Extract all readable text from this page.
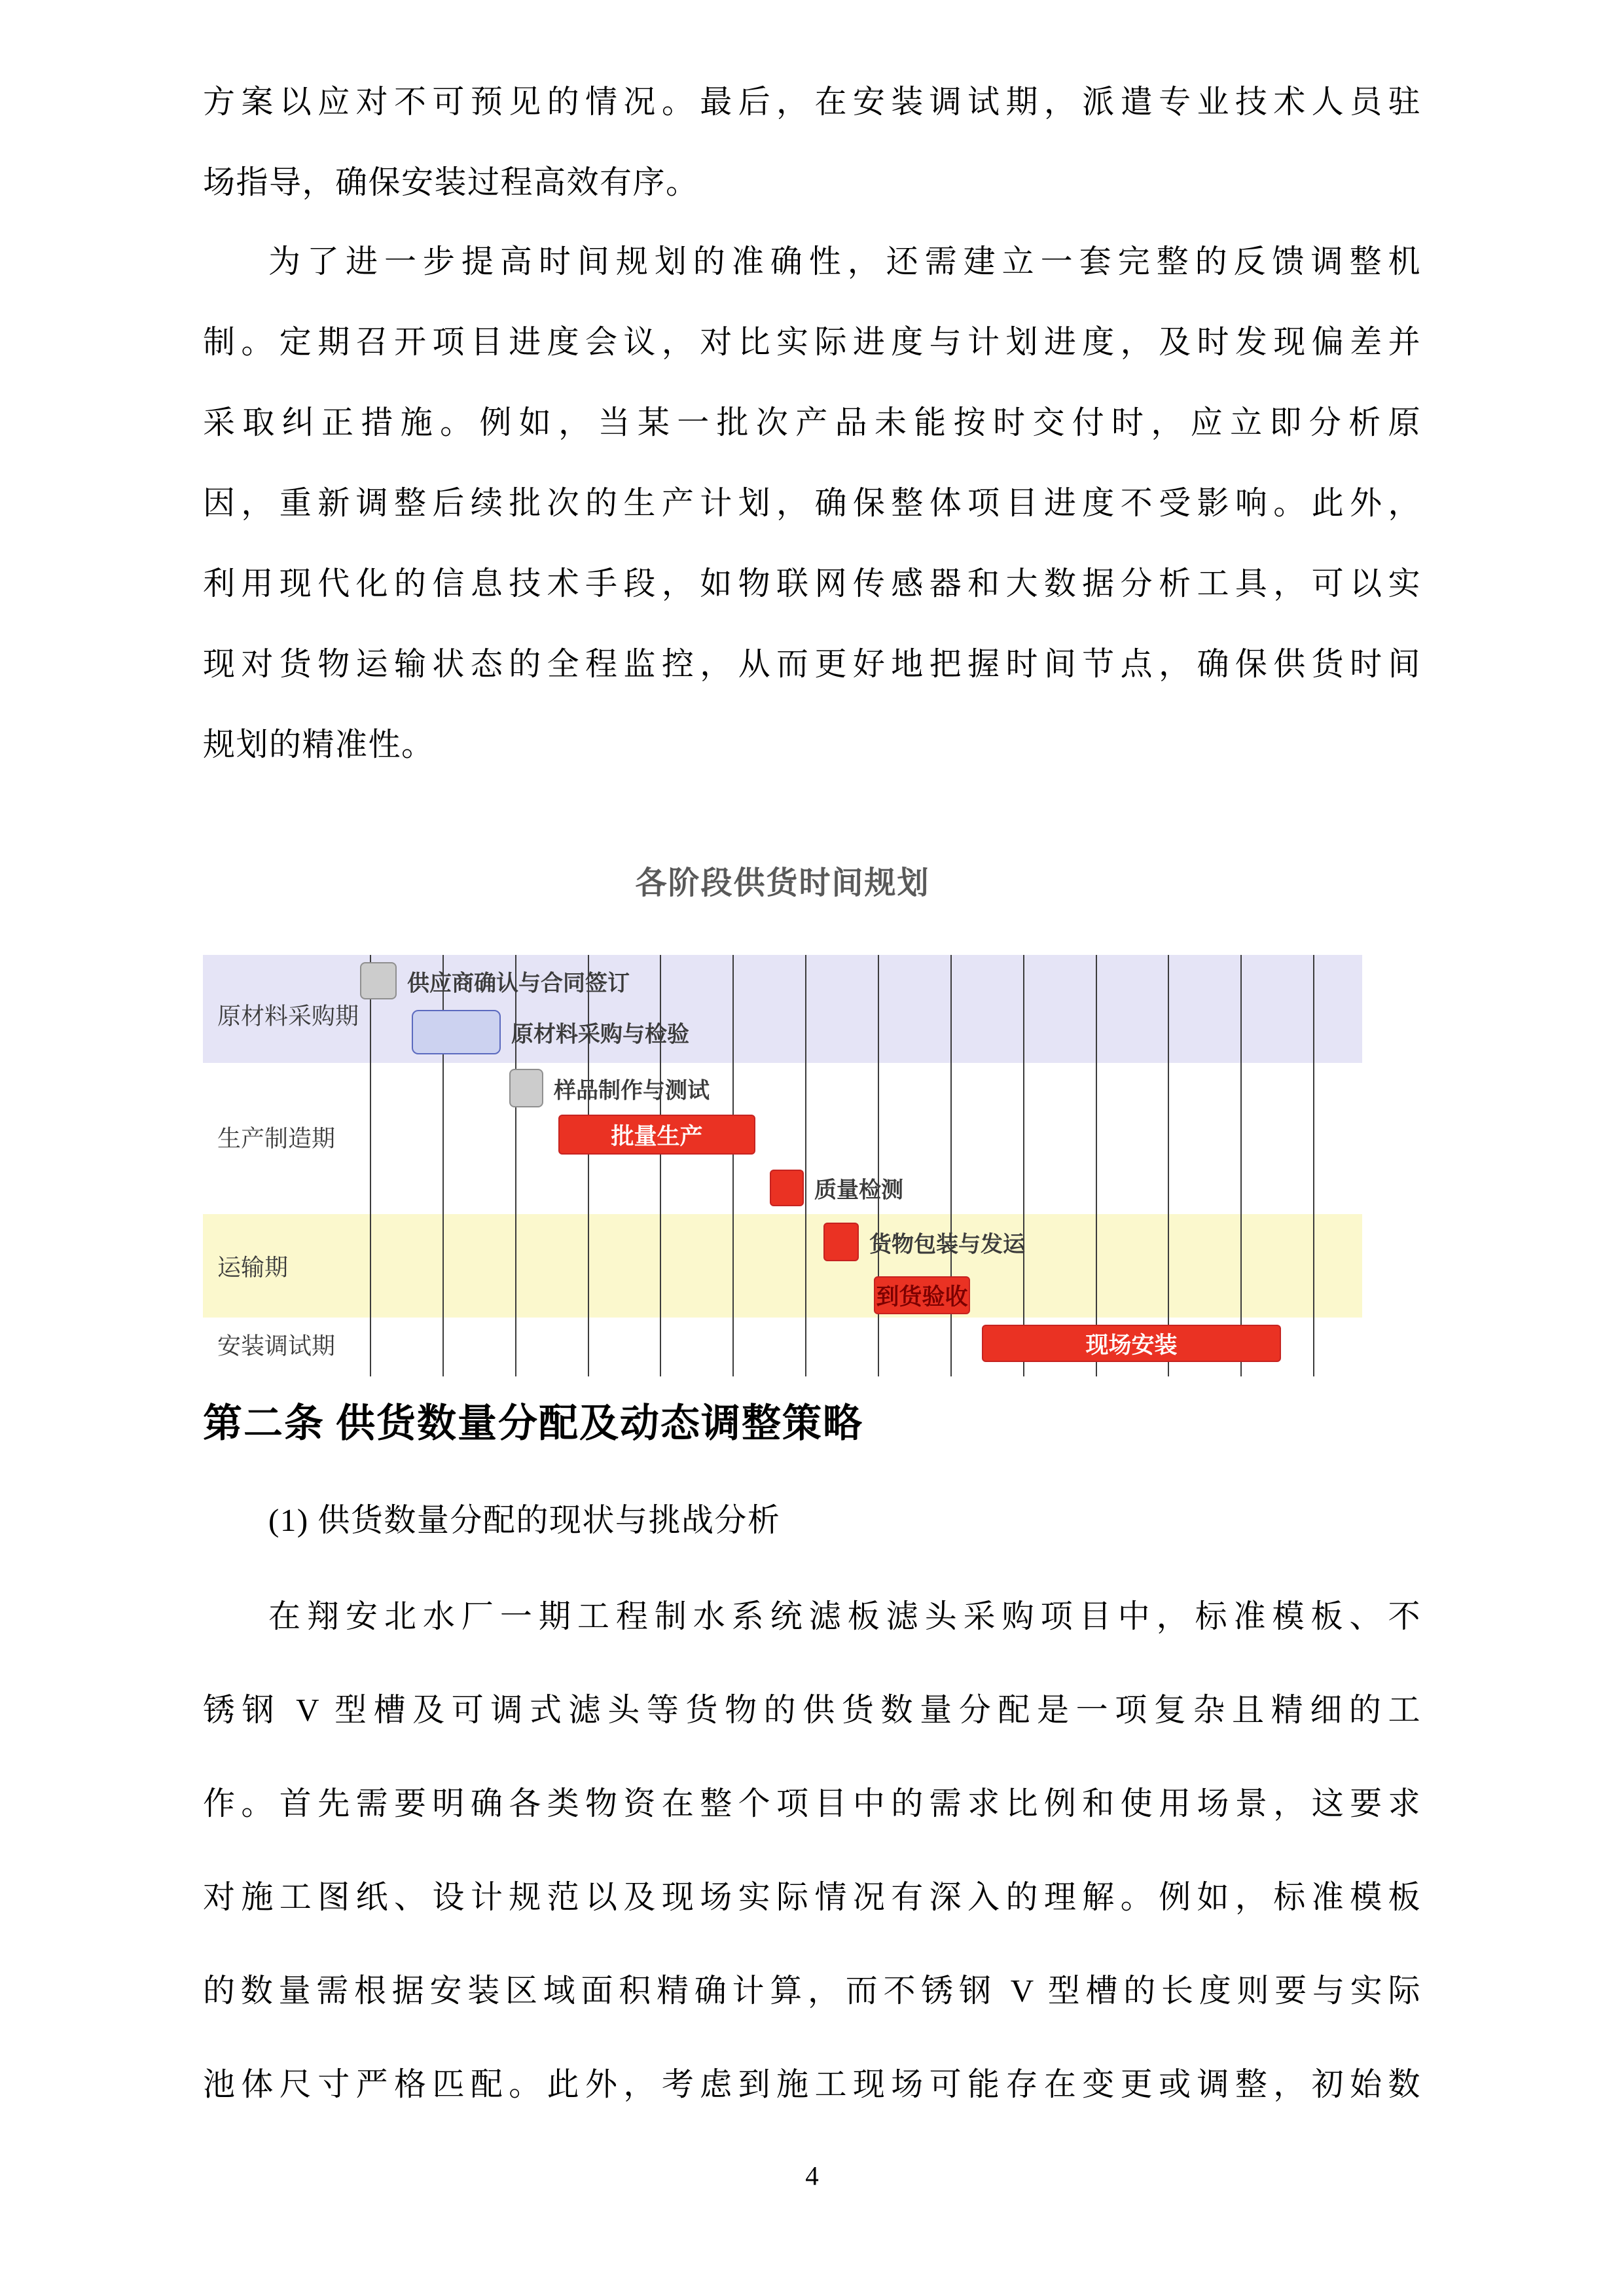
方案以应对不可预见的情况。最后，在安装调试期，派遣专业技术人员驻
场指导，确保安装过程高效有序。
为了进一步提高时间规划的准确性，还需建立一套完整的反馈调整机
制。定期召开项目进度会议，对比实际进度与计划进度，及时发现偏差并
采取纠正措施。例如，当某一批次产品未能按时交付时，应立即分析原
因，重新调整后续批次的生产计划，确保整体项目进度不受影响。此外，
利用现代化的信息技术手段，如物联网传感器和大数据分析工具，可以实
现对货物运输状态的全程监控，从而更好地把握时间节点，确保供货时间
规划的精准性。
各阶段供货时间规划
原材料采购期
生产制造期
运输期
安装调试期
供应商确认与合同签订
原材料采购与检验
样品制作与测试
批量生产
质量检测
货物包装与发运
到货验收
现场安装
第二条 供货数量分配及动态调整策略
(1) 供货数量分配的现状与挑战分析
在翔安北水厂一期工程制水系统滤板滤头采购项目中，标准模板、不
锈钢 V 型槽及可调式滤头等货物的供货数量分配是一项复杂且精细的工
作。首先需要明确各类物资在整个项目中的需求比例和使用场景，这要求
对施工图纸、设计规范以及现场实际情况有深入的理解。例如，标准模板
的数量需根据安装区域面积精确计算，而不锈钢 V 型槽的长度则要与实际
池体尺寸严格匹配。此外，考虑到施工现场可能存在变更或调整，初始数
4
